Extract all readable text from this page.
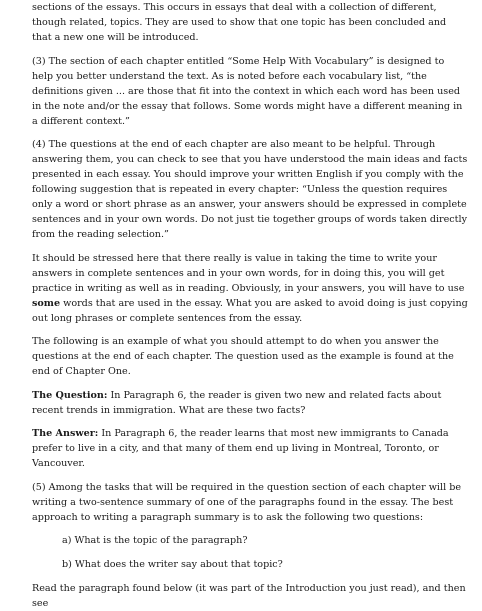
sections of the essays. This occurs in essays that deal with a collection of different, though related, topics. They are used to show that one topic has been concluded and that a new one will be introduced.

(3) The section of each chapter entitled “Some Help With Vocabulary” is designed to help you better understand the text. As is noted before each vocabulary list, “the definitions given ... are those that fit into the context in which each word has been used in the note and/or the essay that follows. Some words might have a different meaning in a different context.”

(4) The questions at the end of each chapter are also meant to be helpful. Through answering them, you can check to see that you have understood the main ideas and facts presented in each essay. You should improve your written English if you comply with the following suggestion that is repeated in every chapter: “Unless the question requires only a word or short phrase as an answer, your answers should be expressed in complete sentences and in your own words. Do not just tie together groups of words taken directly from the reading selection.”

It should be stressed here that there really is value in taking the time to write your answers in complete sentences and in your own words, for in doing this, you will get practice in writing as well as in reading. Obviously, in your answers, you will have to use some words that are used in the essay. What you are asked to avoid doing is just copying out long phrases or complete sentences from the essay.

The following is an example of what you should attempt to do when you answer the questions at the end of each chapter. The question used as the example is found at the end of Chapter One.

The Question: In Paragraph 6, the reader is given two new and related facts about recent trends in immigration. What are these two facts?

The Answer: In Paragraph 6, the reader learns that most new immigrants to Canada prefer to live in a city, and that many of them end up living in Montreal, Toronto, or Vancouver.

(5) Among the tasks that will be required in the question section of each chapter will be writing a two-sentence summary of one of the paragraphs found in the essay. The best approach to writing a paragraph summary is to ask the following two questions:

a) What is the topic of the paragraph?
b) What does the writer say about that topic?

Read the paragraph found below (it was part of the Introduction you just read), and then see
